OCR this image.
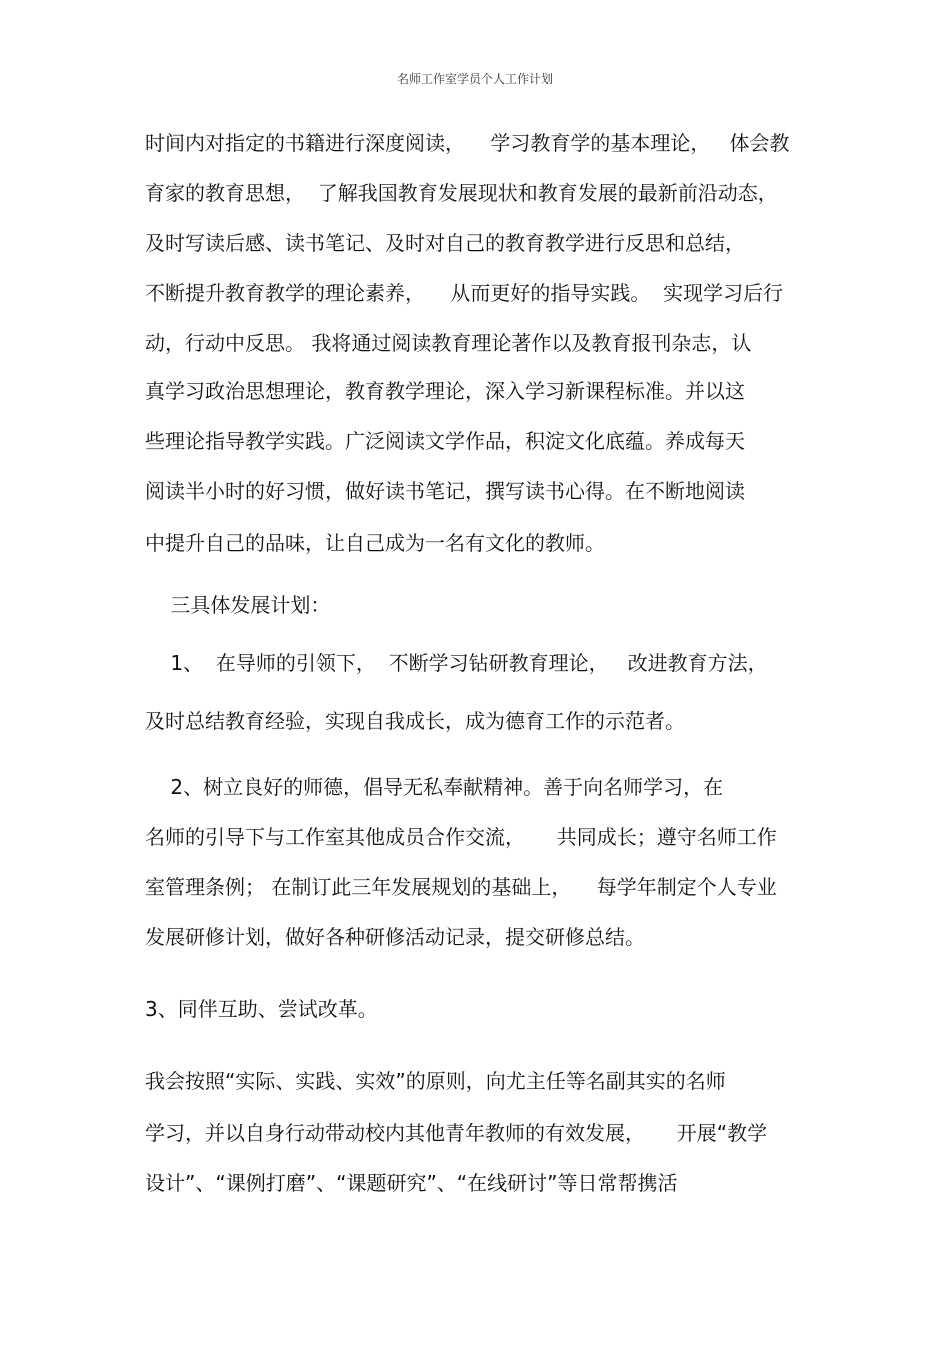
名师工作室学员个人工作计划
时间内对指定的书籍进行深度阅读，    学习教育学的基本理论，   体会教
育家的教育思想，  了解我国教育发展现状和教育发展的最新前沿动态，
及时写读后感、读书笔记、及时对自己的教育教学进行反思和总结，
不断提升教育教学的理论素养，    从而更好的指导实践。  实现学习后行
动，行动中反思。 我将通过阅读教育理论著作以及教育报刊杂志，认
真学习政治思想理论，教育教学理论，深入学习新课程标准。并以这
些理论指导教学实践。广泛阅读文学作品，积淀文化底蕴。养成每天
阅读半小时的好习惯，做好读书笔记，撰写读书心得。在不断地阅读
中提升自己的品味，让自己成为一名有文化的教师。
三具体发展计划：
1、  在导师的引领下，  不断学习钻研教育理论，   改进教育方法，
及时总结教育经验，实现自我成长，成为德育工作的示范者。
2、树立良好的师德，倡导无私奉献精神。善于向名师学习，在
名师的引导下与工作室其他成员合作交流，     共同成长；遵守名师工作
室管理条例； 在制订此三年发展规划的基础上，    每学年制定个人专业
发展研修计划，做好各种研修活动记录，提交研修总结。
3、同伴互助、尝试改革。
我会按照“实际、实践、实效”的原则，向尤主任等名副其实的名师
学习，并以自身行动带动校内其他青年教师的有效发展，     开展“教学
设计”、“课例打磨”、“课题研究”、“在线研讨”等日常帮携活
